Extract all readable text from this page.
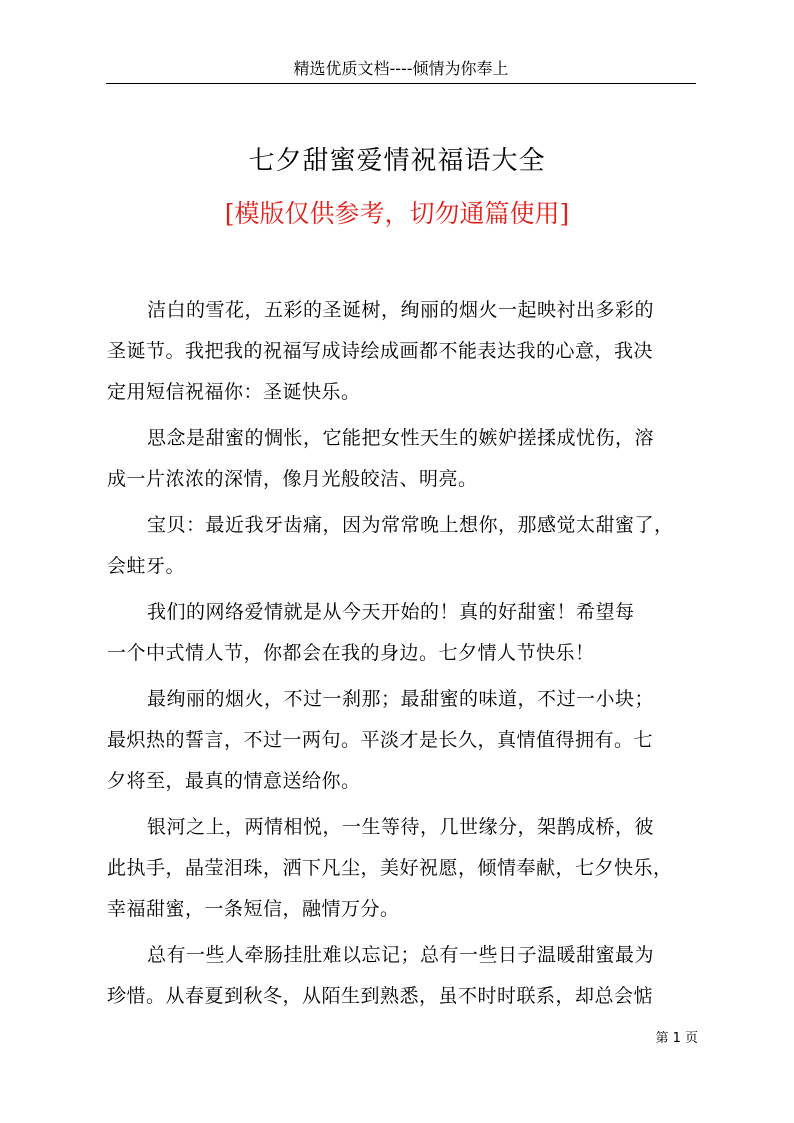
精选优质文档----倾情为你奉上
七夕甜蜜爱情祝福语大全
[模版仅供参考，切勿通篇使用]

洁白的雪花，五彩的圣诞树，绚丽的烟火一起映衬出多彩的
圣诞节。我把我的祝福写成诗绘成画都不能表达我的心意，我决
定用短信祝福你：圣诞快乐。

思念是甜蜜的惆怅，它能把女性天生的嫉妒搓揉成忧伤，溶
成一片浓浓的深情，像月光般皎洁、明亮。

宝贝：最近我牙齿痛，因为常常晚上想你，那感觉太甜蜜了，
会蛀牙。

我们的网络爱情就是从今天开始的！真的好甜蜜！希望每
一个中式情人节，你都会在我的身边。七夕情人节快乐！

最绚丽的烟火，不过一刹那；最甜蜜的味道，不过一小块；
最炽热的誓言，不过一两句。平淡才是长久，真情值得拥有。七
夕将至，最真的情意送给你。

银河之上，两情相悦，一生等待，几世缘分，架鹊成桥，彼
此执手，晶莹泪珠，洒下凡尘，美好祝愿，倾情奉献，七夕快乐，
幸福甜蜜，一条短信，融情万分。

总有一些人牵肠挂肚难以忘记；总有一些日子温暖甜蜜最为
珍惜。从春夏到秋冬，从陌生到熟悉，虽不时时联系，却总会惦

第 1 页
